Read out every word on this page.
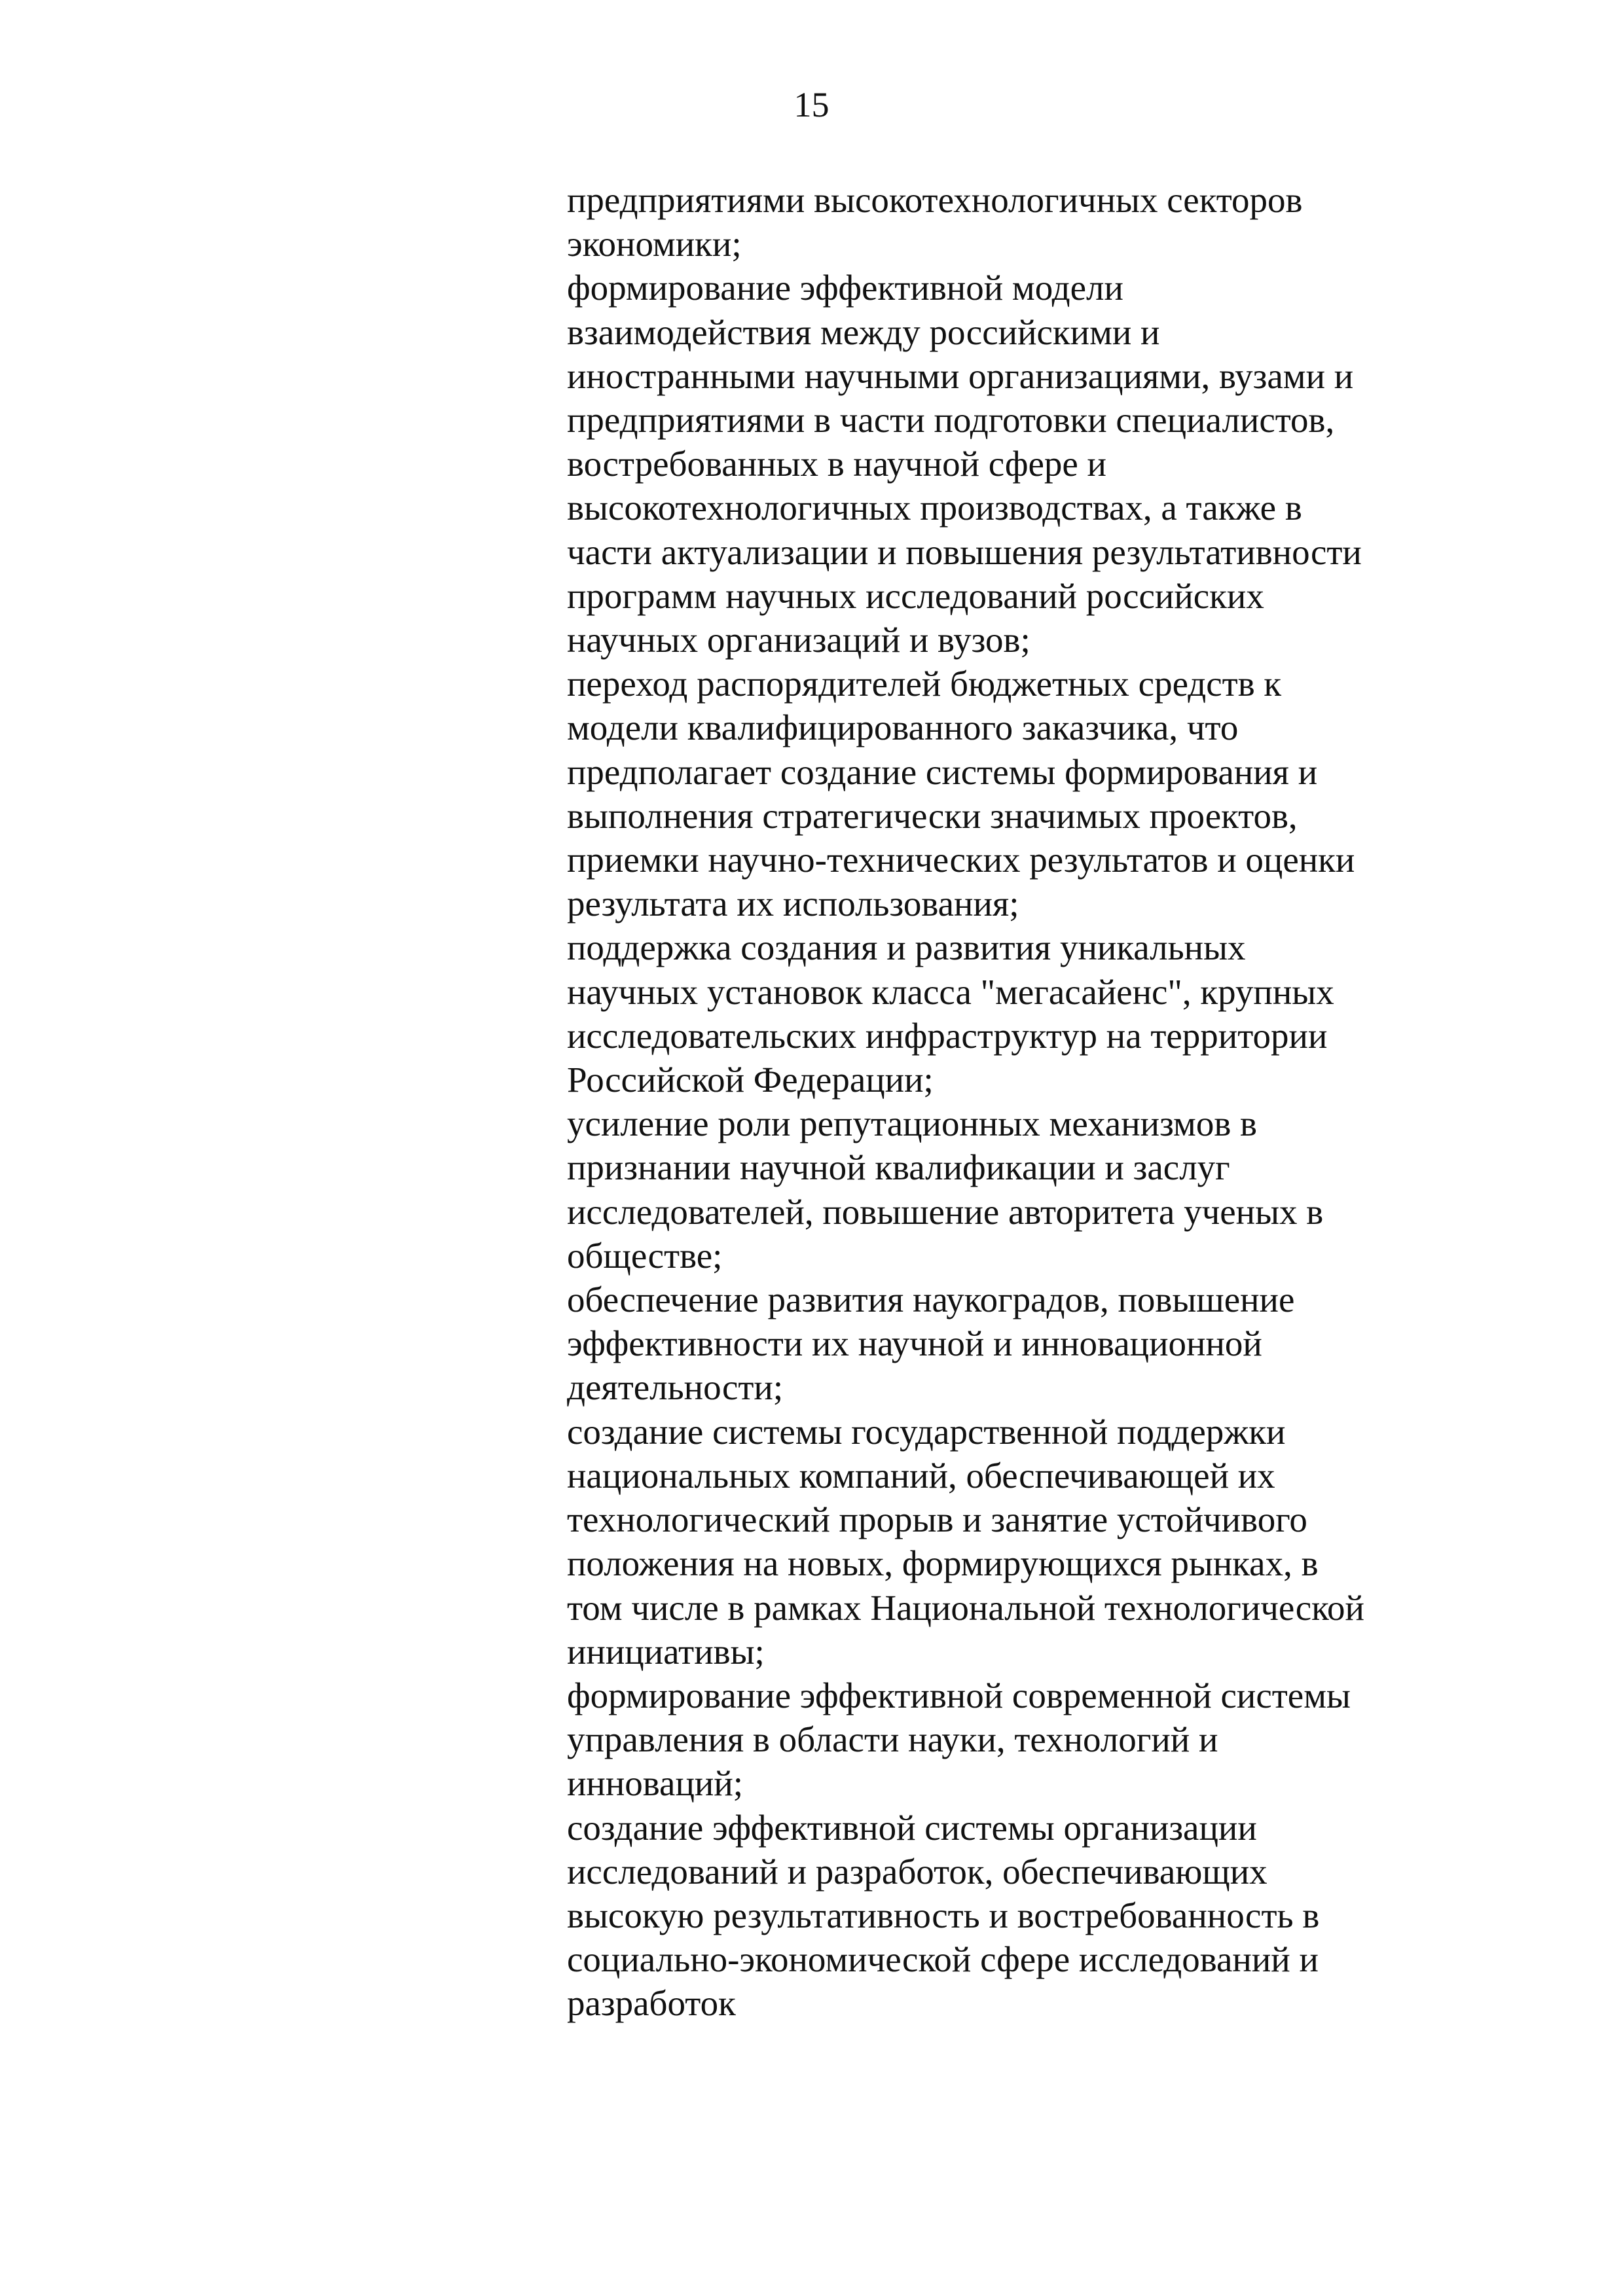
15
предприятиями высокотехнологичных секторов
экономики;
формирование эффективной модели
взаимодействия между российскими и
иностранными научными организациями, вузами и
предприятиями в части подготовки специалистов,
востребованных в научной сфере и
высокотехнологичных производствах, а также в
части актуализации и повышения результативности
программ научных исследований российских
научных организаций и вузов;
переход распорядителей бюджетных средств к
модели квалифицированного заказчика, что
предполагает создание системы формирования и
выполнения стратегически значимых проектов,
приемки научно-технических результатов и оценки
результата их использования;
поддержка создания и развития уникальных
научных установок класса "мегасайенс", крупных
исследовательских инфраструктур на территории
Российской Федерации;
усиление роли репутационных механизмов в
признании научной квалификации и заслуг
исследователей, повышение авторитета ученых в
обществе;
обеспечение развития наукоградов, повышение
эффективности их научной и инновационной
деятельности;
создание системы государственной поддержки
национальных компаний, обеспечивающей их
технологический прорыв и занятие устойчивого
положения на новых, формирующихся рынках, в
том числе в рамках Национальной технологической
инициативы;
формирование эффективной современной системы
управления в области науки, технологий и
инноваций;
создание эффективной системы организации
исследований и разработок, обеспечивающих
высокую результативность и востребованность в
социально-экономической сфере исследований и
разработок
